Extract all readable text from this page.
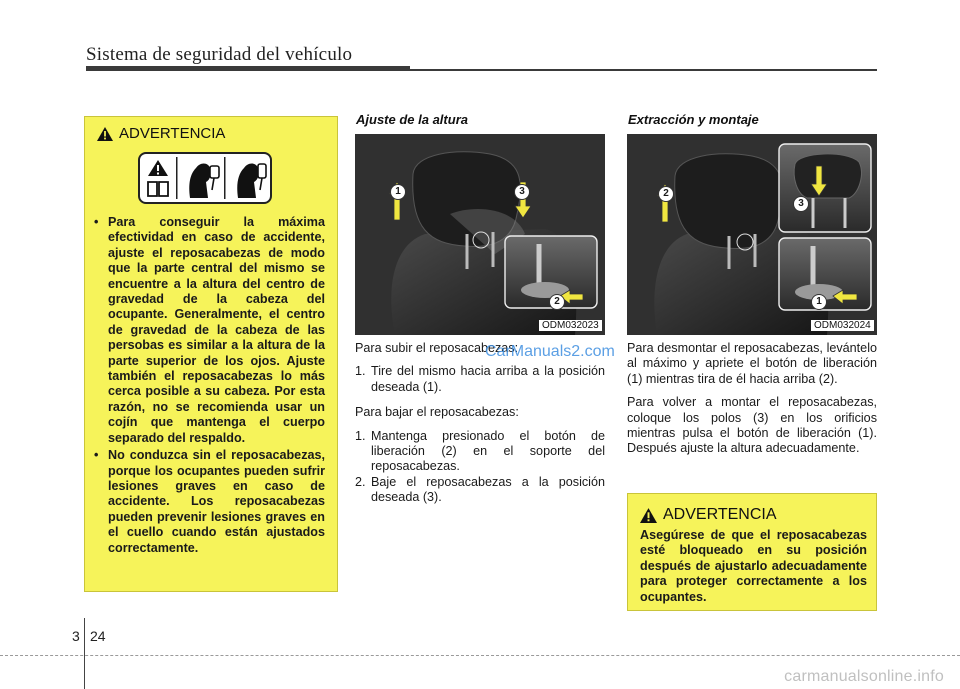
Sistema de seguridad del vehículo
ADVERTENCIA
• Para conseguir la máxima efectividad en caso de accidente, ajuste el reposacabezas de modo que la parte central del mismo se encuentre a la altura del centro de gravedad de la cabeza del ocupante. Generalmente, el centro de gravedad de la cabeza de las persobas es similar a la altura de la parte superior de los ojos. Ajuste también el reposacabezas lo más cerca posible a su cabeza. Por esta razón, no se recomienda usar un cojín que mantenga el cuerpo separado del respaldo.
• No conduzca sin el reposacabezas, porque los ocupantes pueden sufrir lesiones graves en caso de accidente. Los reposacabezas pueden prevenir lesiones graves en el cuello cuando están ajustados correctamente.
Ajuste de la altura
1
2
3
ODM032023

Para subir el reposacabezas:

1. Tire del mismo hacia arriba a la posición deseada (1).

Para bajar el reposacabezas:

1. Mantenga presionado el botón de liberación (2) en el soporte del reposacabezas.
2. Baje el reposacabezas a la posición deseada (3).
CarManuals2.com
Extracción y montaje
2
3
1
ODM032024

Para desmontar el reposacabezas, levántelo al máximo y apriete el botón de liberación (1) mientras tira de él hacia arriba (2).

Para volver a montar el reposacabezas, coloque los polos (3) en los orificios mientras pulsa el botón de liberación (1). Después ajuste la altura adecuadamente.

ADVERTENCIA

Asegúrese de que el reposacabezas esté bloqueado en su posición después de ajustarlo adecuadamente para proteger correctamente a los ocupantes.

3 24
carmanualsonline.info
